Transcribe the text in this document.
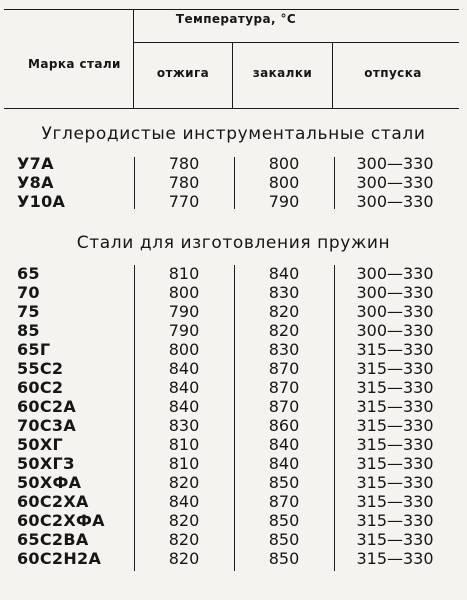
Марка стали
Температура, °С
отжига	закалки	отпуска
Углеродистые инструментальные стали
У7А	780	800	300—330
У8А	780	800	300—330
У10А	770	790	300—330
Стали для изготовления пружин
65	810	840	300—330
70	800	830	300—330
75	790	820	300—330
85	790	820	300—330
65Г	800	830	315—330
55С2	840	870	315—330
60С2	840	870	315—330
60С2А	840	870	315—330
70С3А	830	860	315—330
50ХГ	810	840	315—330
50ХГЗ	810	840	315—330
50ХФА	820	850	315—330
60С2ХА	840	870	315—330
60С2ХФА	820	850	315—330
65С2ВА	820	850	315—330
60С2Н2А	820	850	315—330
